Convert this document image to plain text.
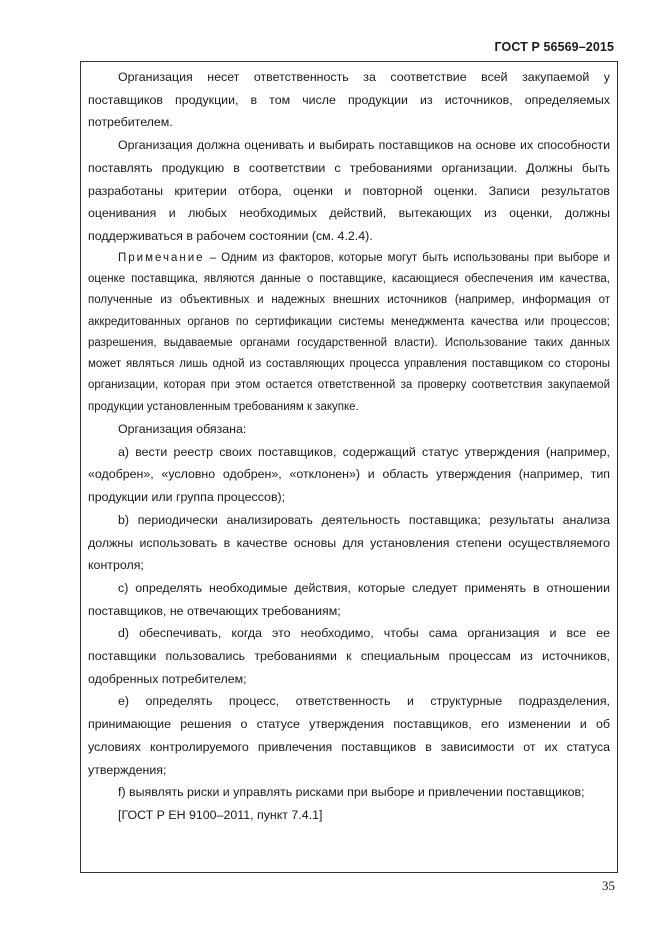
ГОСТ Р 56569–2015

Организация несет ответственность за соответствие всей закупаемой у поставщиков продукции, в том числе продукции из источников, определяемых потребителем.

Организация должна оценивать и выбирать поставщиков на основе их способности поставлять продукцию в соответствии с требованиями организации. Должны быть разработаны критерии отбора, оценки и повторной оценки. Записи результатов оценивания и любых необходимых действий, вытекающих из оценки, должны поддерживаться в рабочем состоянии (см. 4.2.4).

Примечание – Одним из факторов, которые могут быть использованы при выборе и оценке поставщика, являются данные о поставщике, касающиеся обеспечения им качества, полученные из объективных и надежных внешних источников (например, информация от аккредитованных органов по сертификации системы менеджмента качества или процессов; разрешения, выдаваемые органами государственной власти). Использование таких данных может являться лишь одной из составляющих процесса управления поставщиком со стороны организации, которая при этом остается ответственной за проверку соответствия закупаемой продукции установленным требованиям к закупке.

Организация обязана:

а) вести реестр своих поставщиков, содержащий статус утверждения (например, «одобрен», «условно одобрен», «отклонен») и область утверждения (например, тип продукции или группа процессов);

b) периодически анализировать деятельность поставщика; результаты анализа должны использовать в качестве основы для установления степени осуществляемого контроля;

c) определять необходимые действия, которые следует применять в отношении поставщиков, не отвечающих требованиям;

d) обеспечивать, когда это необходимо, чтобы сама организация и все ее поставщики пользовались требованиями к специальным процессам из источников, одобренных потребителем;

e) определять процесс, ответственность и структурные подразделения, принимающие решения о статусе утверждения поставщиков, его изменении и об условиях контролируемого привлечения поставщиков в зависимости от их статуса утверждения;

f) выявлять риски и управлять рисками при выборе и привлечении поставщиков;

[ГОСТ Р ЕН 9100–2011, пункт 7.4.1]

35
